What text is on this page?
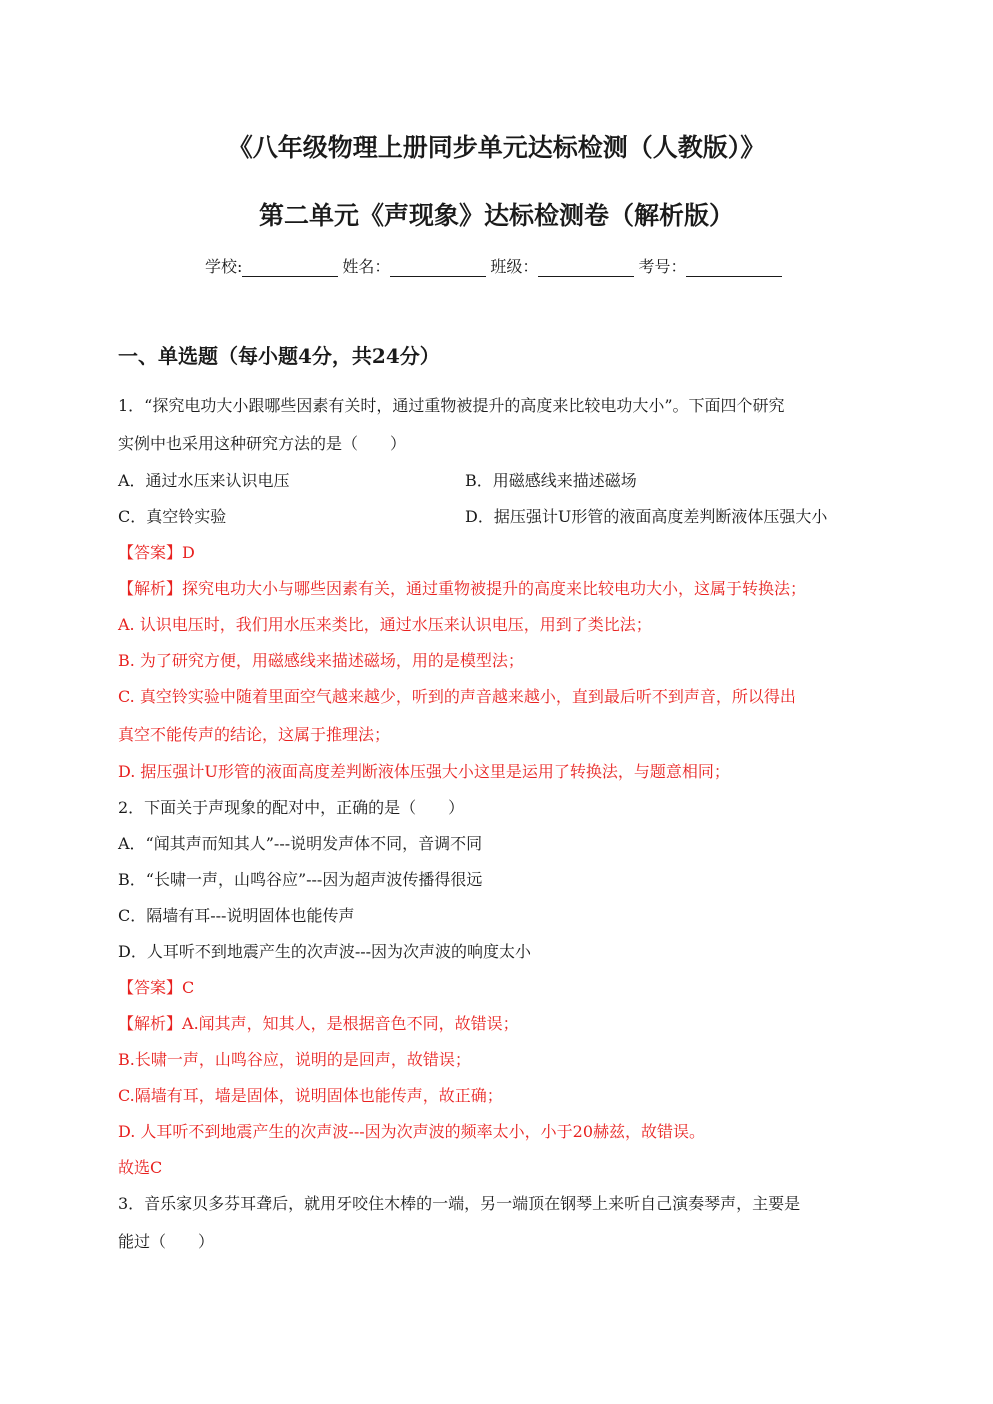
《八年级物理上册同步单元达标检测（人教版）》
第二单元《声现象》达标检测卷（解析版）
学校:	姓名：	班级：	考号：
一、单选题（每小题4分，共24分）
1．“探究电功大小跟哪些因素有关时，通过重物被提升的高度来比较电功大小”。下面四个研究
实例中也采用这种研究方法的是（　　）
A．通过水压来认识电压	B．用磁感线来描述磁场
C．真空铃实验	D．据压强计U形管的液面高度差判断液体压强大小
【答案】D
【解析】探究电功大小与哪些因素有关，通过重物被提升的高度来比较电功大小，这属于转换法；
A. 认识电压时，我们用水压来类比，通过水压来认识电压，用到了类比法；
B. 为了研究方便，用磁感线来描述磁场，用的是模型法；
C. 真空铃实验中随着里面空气越来越少，听到的声音越来越小，直到最后听不到声音，所以得出
真空不能传声的结论，这属于推理法；
D. 据压强计U形管的液面高度差判断液体压强大小这里是运用了转换法，与题意相同；
2．下面关于声现象的配对中，正确的是（　　）
A．“闻其声而知其人”---说明发声体不同，音调不同
B．“长啸一声，山鸣谷应”---因为超声波传播得很远
C．隔墙有耳---说明固体也能传声
D．人耳听不到地震产生的次声波---因为次声波的响度太小
【答案】C
【解析】A.闻其声，知其人，是根据音色不同，故错误；
B.长啸一声，山鸣谷应，说明的是回声，故错误；
C.隔墙有耳，墙是固体，说明固体也能传声，故正确；
D. 人耳听不到地震产生的次声波---因为次声波的频率太小，小于20赫兹，故错误。
故选C
3．音乐家贝多芬耳聋后，就用牙咬住木棒的一端，另一端顶在钢琴上来听自己演奏琴声，主要是
能过（　　）
